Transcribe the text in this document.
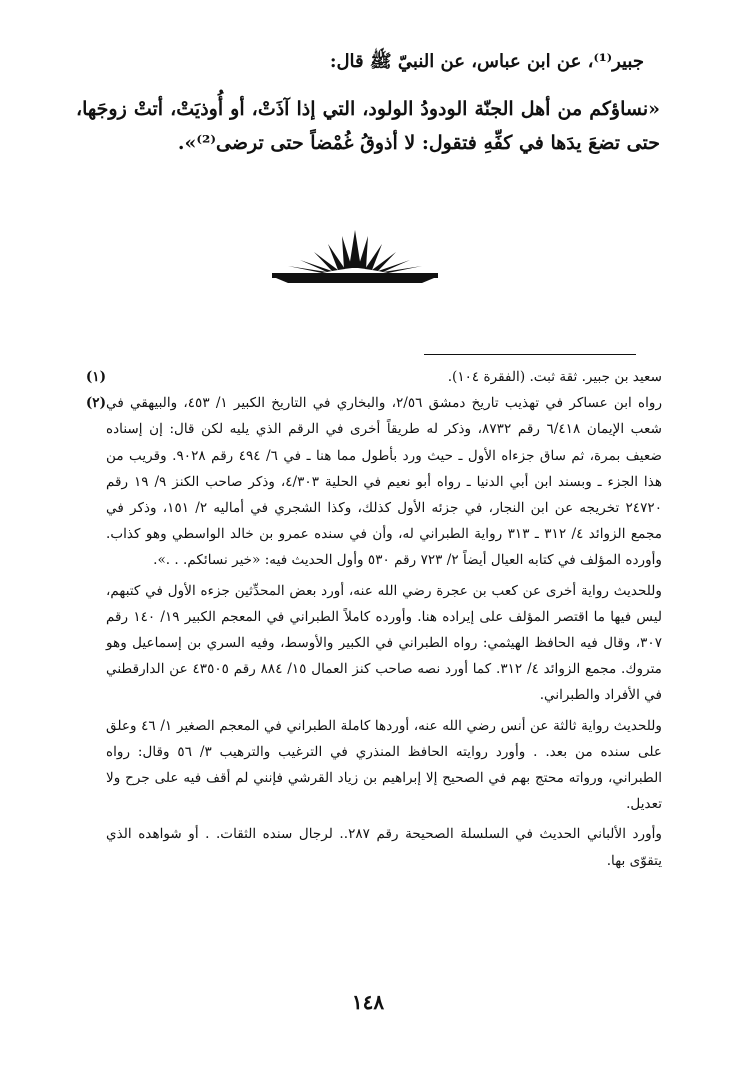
جبير⁽¹⁾، عن ابن عباس، عن النبيّ ﷺ قال:
«نساؤكم من أهل الجنّة الودودُ الولود، التي إذا آذَتْ، أو أُوذيَتْ، أتتْ زوجَها، حتى تضعَ يدَها في كفِّهِ فتقول: لا أذوقُ غُمْضاً حتى ترضى⁽²⁾».
(١)	سعيد بن جبير. ثقة ثبت. (الفقرة ١٠٤).

(٢) رواه ابن عساكر في تهذيب تاريخ دمشق ٢/٥٦، والبخاري في التاريخ الكبير ١/ ٤٥٣، والبيهقي في شعب الإيمان ٦/٤١٨ رقم ٨٧٣٢، وذكر له طريقاً أخرى في الرقم الذي يليه لكن قال: إن إسناده ضعيف بمرة، ثم ساق جزءاه الأول ـ حيث ورد بأطول مما هنا ـ في ٦/ ٤٩٤ رقم ٩٠٢٨. وقريب من هذا الجزء ـ وبسند ابن أبي الدنيا ـ رواه أبو نعيم في الحلية ٤/٣٠٣، وذكر صاحب الكنز ٩/ ١٩ رقم ٢٤٧٢٠ تخريجه عن ابن النجار، في جزئه الأول كذلك، وكذا الشجري في أماليه ٢/ ١٥١، وذكر في مجمع الزوائد ٤/ ٣١٢ ـ ٣١٣ رواية الطبراني له، وأن في سنده عمرو بن خالد الواسطي وهو كذاب. وأورده المؤلف في كتابه العيال أيضاً ٢/ ٧٢٣ رقم ٥٣٠ وأول الحديث فيه: «خير نسائكم. . .».

وللحديث رواية أخرى عن كعب بن عجرة رضي الله عنه، أورد بعض المحدِّثين جزءه الأول في كتبهم، ليس فيها ما اقتصر المؤلف على إيراده هنا. وأورده كاملاً الطبراني في المعجم الكبير ١٩/ ١٤٠ رقم ٣٠٧، وقال فيه الحافظ الهيثمي: رواه الطبراني في الكبير والأوسط، وفيه السري بن إسماعيل وهو متروك. مجمع الزوائد ٤/ ٣١٢. كما أورد نصه صاحب كنز العمال ١٥/ ٨٨٤ رقم ٤٣٥٠٥ عن الدارقطني في الأفراد والطبراني.

وللحديث رواية ثالثة عن أنس رضي الله عنه، أوردها كاملة الطبراني في المعجم الصغير ١/ ٤٦ وعلق على سنده من بعد. . وأورد روايته الحافظ المنذري في الترغيب والترهيب ٣/ ٥٦ وقال: رواه الطبراني، ورواته محتج بهم في الصحيح إلا إبراهيم بن زياد القرشي فإنني لم أقف فيه على جرح ولا تعديل.

وأورد الألباني الحديث في السلسلة الصحيحة رقم ٢٨٧.. لرجال سنده الثقات. . أو شواهده الذي يتقوّى بها.

١٤٨
